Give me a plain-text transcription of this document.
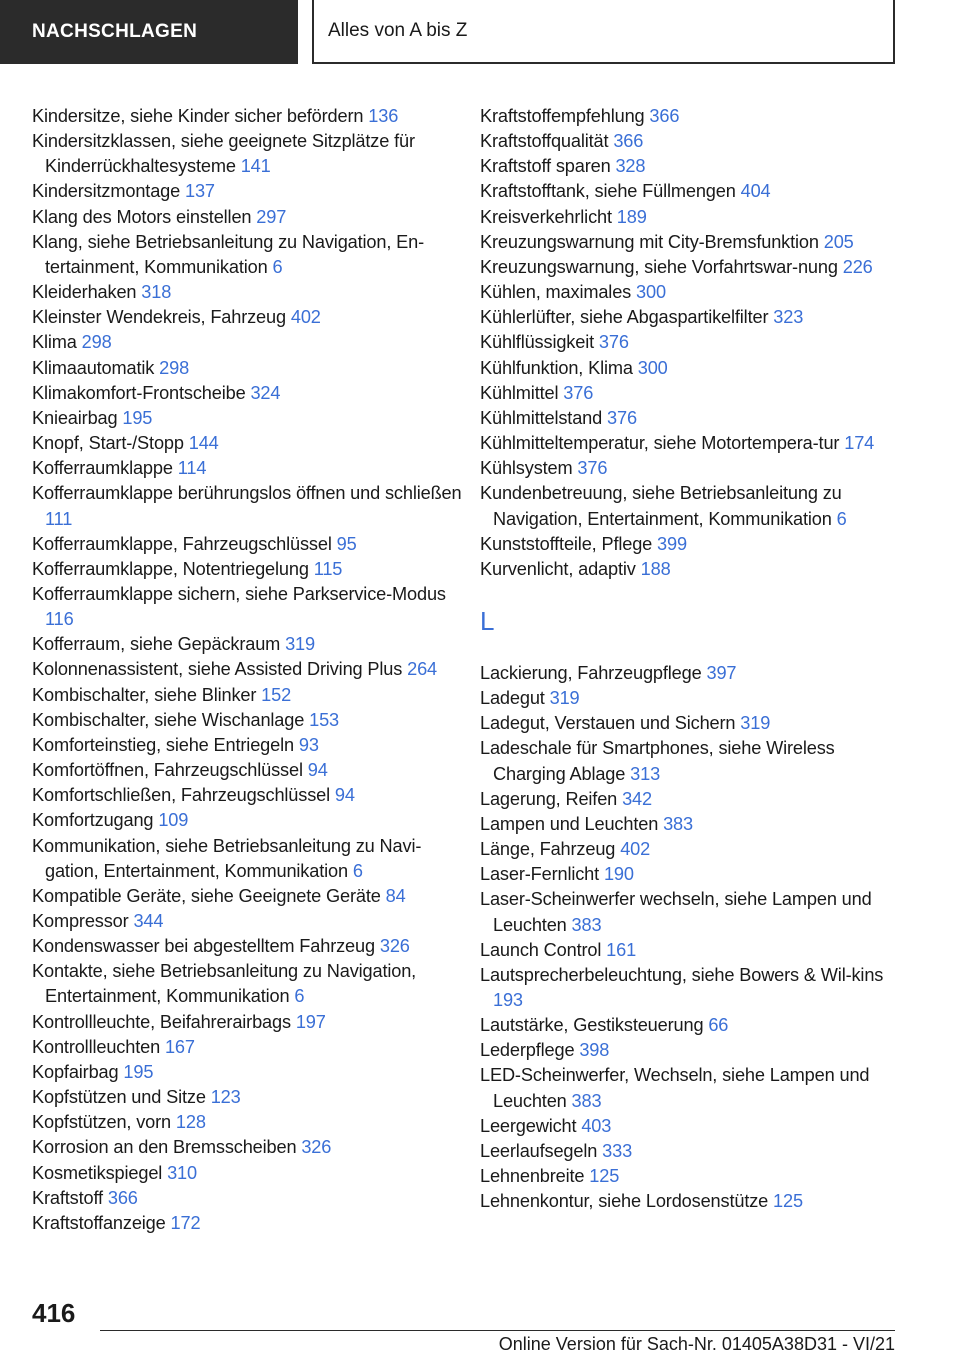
NACHSCHLAGEN	Alles von A bis Z
Kindersitze, siehe Kinder sicher befördern 136
Kindersitzklassen, siehe geeignete Sitzplätze für Kinderrückhaltesysteme 141
Kindersitzmontage 137
Klang des Motors einstellen 297
Klang, siehe Betriebsanleitung zu Navigation, En-tertainment, Kommunikation 6
Kleiderhaken 318
Kleinster Wendekreis, Fahrzeug 402
Klima 298
Klimaautomatik 298
Klimakomfort-Frontscheibe 324
Knieairbag 195
Knopf, Start-/Stopp 144
Kofferraumklappe 114
Kofferraumklappe berührungslos öffnen und schließen 111
Kofferraumklappe, Fahrzeugschlüssel 95
Kofferraumklappe, Notentriegelung 115
Kofferraumklappe sichern, siehe Parkservice-Modus 116
Kofferraum, siehe Gepäckraum 319
Kolonnenassistent, siehe Assisted Driving Plus 264
Kombischalter, siehe Blinker 152
Kombischalter, siehe Wischanlage 153
Komforteinstieg, siehe Entriegeln 93
Komfortöffnen, Fahrzeugschlüssel 94
Komfortschließen, Fahrzeugschlüssel 94
Komfortzugang 109
Kommunikation, siehe Betriebsanleitung zu Navi-gation, Entertainment, Kommunikation 6
Kompatible Geräte, siehe Geeignete Geräte 84
Kompressor 344
Kondenswasser bei abgestelltem Fahrzeug 326
Kontakte, siehe Betriebsanleitung zu Navigation, Entertainment, Kommunikation 6
Kontrollleuchte, Beifahrerairbags 197
Kontrollleuchten 167
Kopfairbag 195
Kopfstützen und Sitze 123
Kopfstützen, vorn 128
Korrosion an den Bremsscheiben 326
Kosmetikspiegel 310
Kraftstoff 366
Kraftstoffanzeige 172
Kraftstoffempfehlung 366
Kraftstoffqualität 366
Kraftstoff sparen 328
Kraftstofftank, siehe Füllmengen 404
Kreisverkehrlicht 189
Kreuzungswarnung mit City-Bremsfunktion 205
Kreuzungswarnung, siehe Vorfahrtswar-nung 226
Kühlen, maximales 300
Kühlerlüfter, siehe Abgaspartikelfilter 323
Kühlflüssigkeit 376
Kühlfunktion, Klima 300
Kühlmittel 376
Kühlmittelstand 376
Kühlmitteltemperatur, siehe Motortempera-tur 174
Kühlsystem 376
Kundenbetreuung, siehe Betriebsanleitung zu Navigation, Entertainment, Kommunikation 6
Kunststoffteile, Pflege 399
Kurvenlicht, adaptiv 188
L
Lackierung, Fahrzeugpflege 397
Ladegut 319
Ladegut, Verstauen und Sichern 319
Ladeschale für Smartphones, siehe Wireless Charging Ablage 313
Lagerung, Reifen 342
Lampen und Leuchten 383
Länge, Fahrzeug 402
Laser-Fernlicht 190
Laser-Scheinwerfer wechseln, siehe Lampen und Leuchten 383
Launch Control 161
Lautsprecherbeleuchtung, siehe Bowers & Wil-kins 193
Lautstärke, Gestiksteuerung 66
Lederpflege 398
LED-Scheinwerfer, Wechseln, siehe Lampen und Leuchten 383
Leergewicht 403
Leerlaufsegeln 333
Lehnenbreite 125
Lehnenkontur, siehe Lordosenstütze 125
416
Online Version für Sach-Nr. 01405A38D31 - VI/21
